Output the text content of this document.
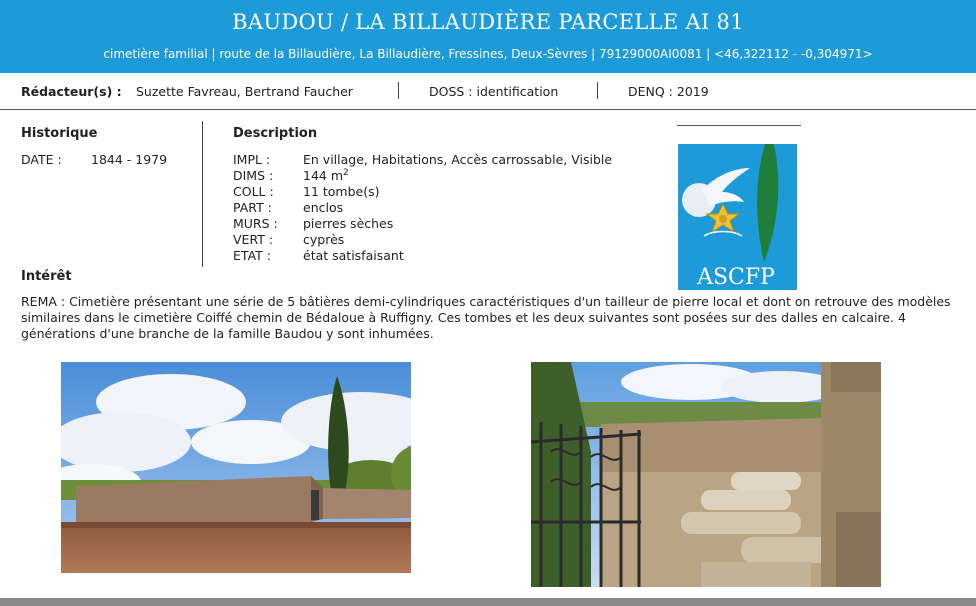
BAUDOU / LA BILLAUDIÈRE PARCELLE AI 81
cimetière familial | route de la Billaudière, La Billaudière, Fressines, Deux-Sèvres | 79129000AI0081 | <46,322112 - -0,304971>
Rédacteur(s) : Suzette Favreau, Bertrand Faucher	DOSS : identification	DENQ : 2019
Historique
DATE : 1844 - 1979
Description
IMPL :	En village, Habitations, Accès carrossable, Visible
DIMS : 144 $m^2$
COLL : 11 tombe(s)
PART : enclos
MURS : pierres sèches
VERT : cyprès
ETAT :	état satisfaisant
Intérêt
REMA : Cimetière présentant une série de 5 bâtières demi-cylindriques caractéristiques d'un tailleur de pierre local et dont on retrouve des modèles similaires dans le cimetière Coiffé chemin de Bédaloue à Ruffigny. Ces tombes et les deux suivantes sont posées sur des dalles en calcaire. 4 générations d'une branche de la famille Baudou y sont inhumées.
ASCFP
